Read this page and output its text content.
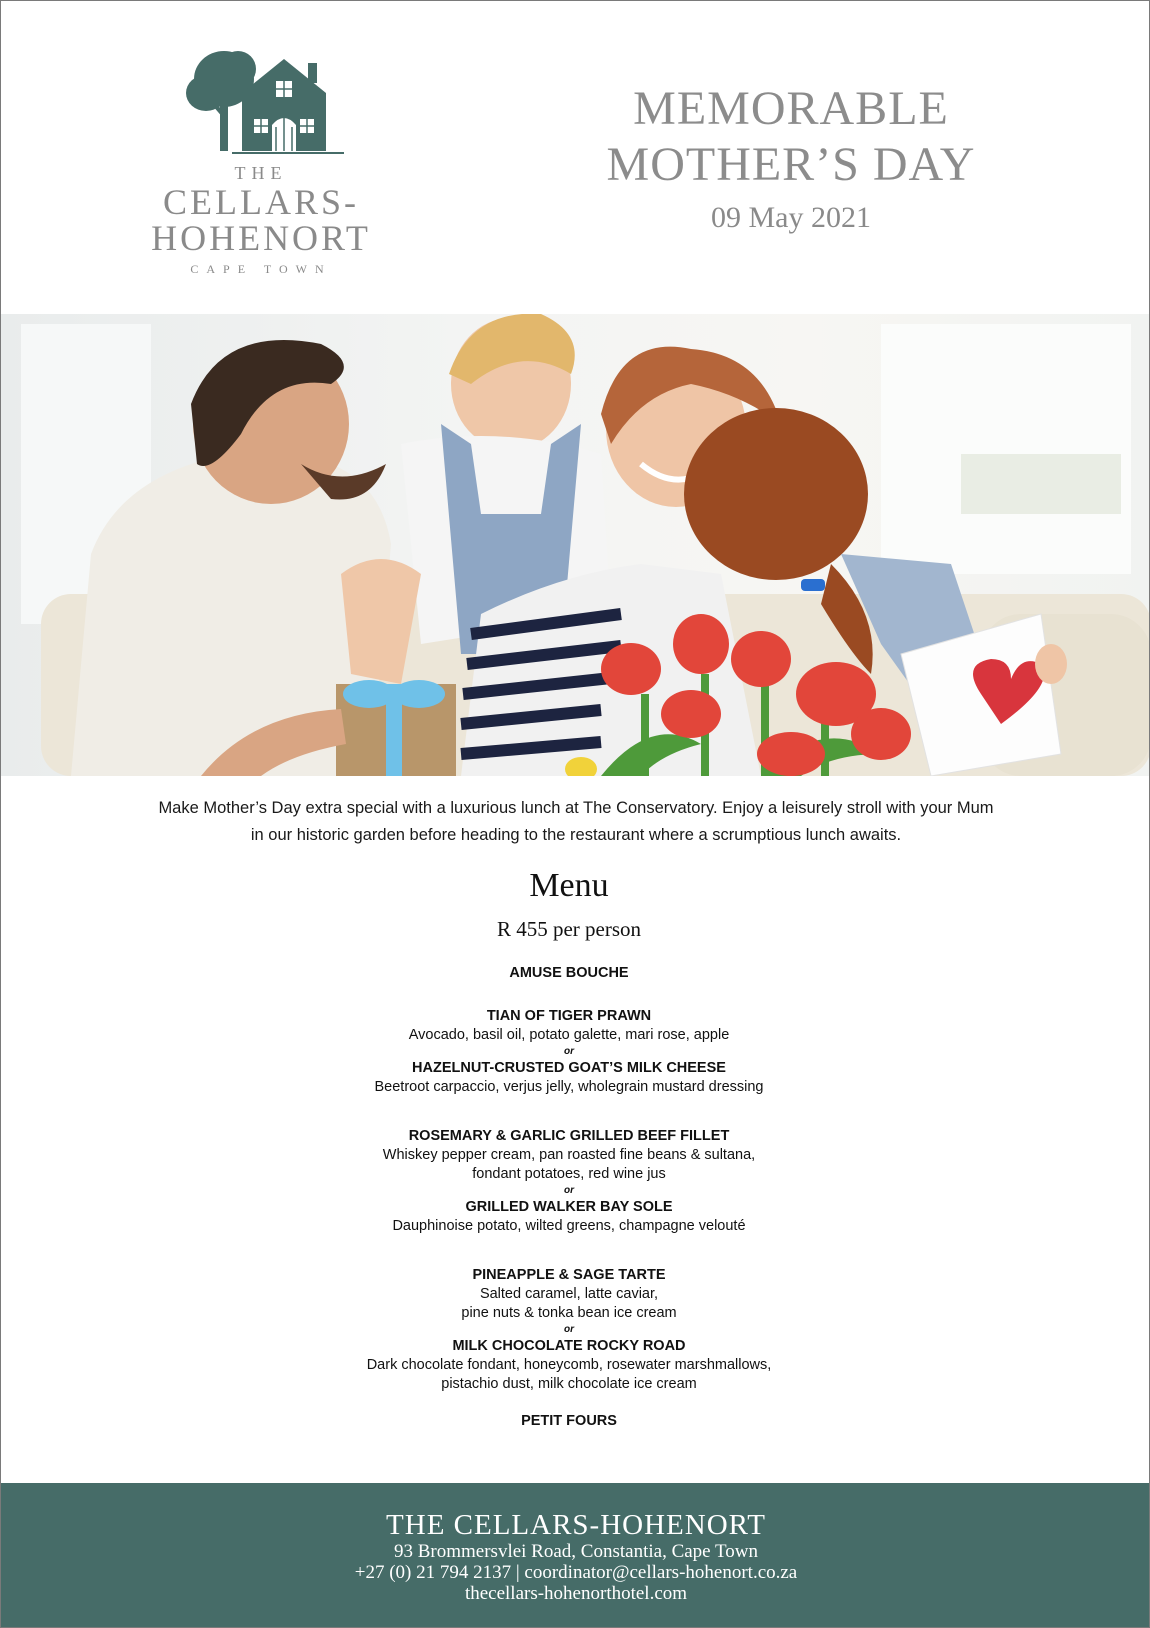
THE
CELLARS-
HOHENORT
CAPE TOWN
MEMORABLE
MOTHER’S DAY
09 May 2021
Make Mother’s Day extra special with a luxurious lunch at The Conservatory. Enjoy a leisurely stroll with your Mum
in our historic garden before heading to the restaurant where a scrumptious lunch awaits.
Menu
R 455 per person
AMUSE BOUCHE
TIAN OF TIGER PRAWN
Avocado, basil oil, potato galette, mari rose, apple
or
HAZELNUT-CRUSTED GOAT’S MILK CHEESE
Beetroot carpaccio, verjus jelly, wholegrain mustard dressing
ROSEMARY & GARLIC GRILLED BEEF FILLET
Whiskey pepper cream, pan roasted fine beans & sultana,
fondant potatoes, red wine jus
or
GRILLED WALKER BAY SOLE
Dauphinoise potato, wilted greens, champagne velouté
PINEAPPLE & SAGE TARTE
Salted caramel, latte caviar,
pine nuts & tonka bean ice cream
or
MILK CHOCOLATE ROCKY ROAD
Dark chocolate fondant, honeycomb, rosewater marshmallows,
pistachio dust, milk chocolate ice cream
PETIT FOURS
THE CELLARS-HOHENORT
93 Brommersvlei Road, Constantia, Cape Town
+27 (0) 21 794 2137 | coordinator@cellars-hohenort.co.za
thecellars-hohenorthotel.com
